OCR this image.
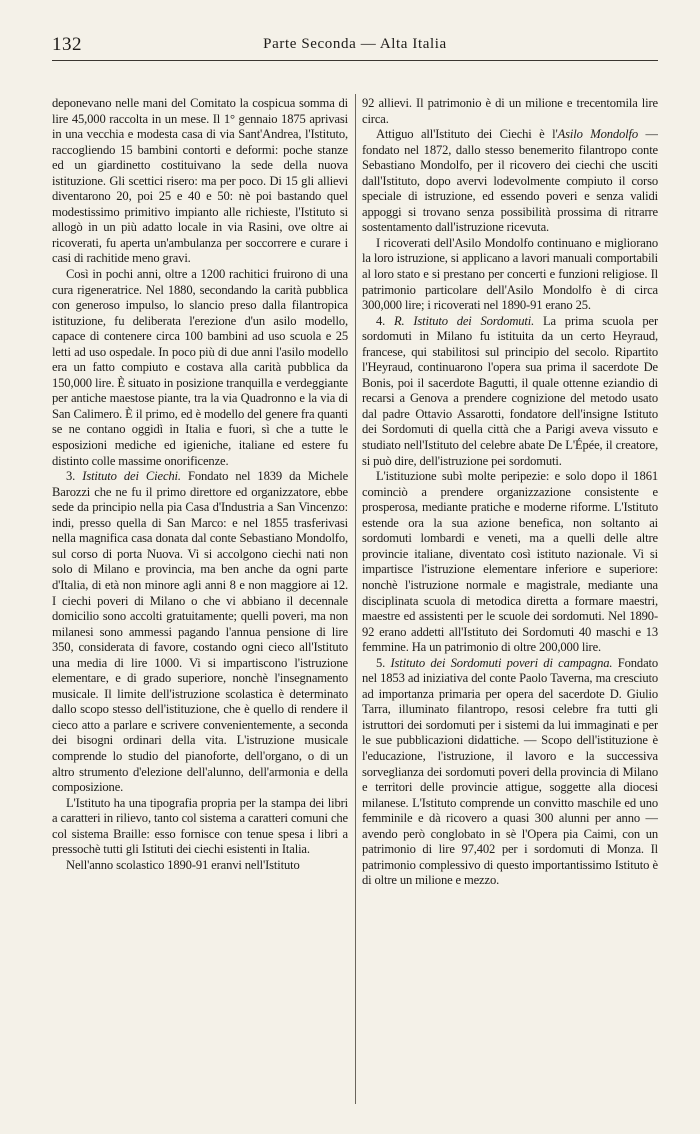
132	Parte Seconda — Alta Italia

deponevano nelle mani del Comitato la cospicua somma di lire 45,000 raccolta in un mese. Il 1° gennaio 1875 aprivasi in una vecchia e modesta casa di via Sant'Andrea, l'Istituto, raccogliendo 15 bambini contorti e deformi: poche stanze ed un giardinetto costituivano la sede della nuova istituzione. Gli scettici risero: ma per poco. Di 15 gli allievi diventarono 20, poi 25 e 40 e 50: nè poi bastando quel modestissimo primitivo impianto alle richieste, l'Istituto si allogò in un più adatto locale in via Rasini, ove oltre ai ricoverati, fu aperta un'ambulanza per soccorrere e curare i casi di rachitide meno gravi.

Così in pochi anni, oltre a 1200 rachitici fruirono di una cura rigeneratrice. Nel 1880, secondando la carità pubblica con generoso impulso, lo slancio preso dalla filantropica istituzione, fu deliberata l'erezione d'un asilo modello, capace di contenere circa 100 bambini ad uso scuola e 25 letti ad uso ospedale. In poco più di due anni l'asilo modello era un fatto compiuto e costava alla carità pubblica da 150,000 lire. È situato in posizione tranquilla e verdeggiante per antiche maestose piante, tra la via Quadronno e la via di San Calimero. È il primo, ed è modello del genere fra quanti se ne contano oggidì in Italia e fuori, sì che a tutte le esposizioni mediche ed igieniche, italiane ed estere fu distinto colle massime onorificenze.

3. Istituto dei Ciechi. Fondato nel 1839 da Michele Barozzi che ne fu il primo direttore ed organizzatore, ebbe sede da principio nella pia Casa d'Industria a San Vincenzo: indi, presso quella di San Marco: e nel 1855 trasferivasi nella magnifica casa donata dal conte Sebastiano Mondolfo, sul corso di porta Nuova. Vi si accolgono ciechi nati non solo di Milano e provincia, ma ben anche da ogni parte d'Italia, di età non minore agli anni 8 e non maggiore ai 12. I ciechi poveri di Milano o che vi abbiano il decennale domicilio sono accolti gratuitamente; quelli poveri, ma non milanesi sono ammessi pagando l'annua pensione di lire 350, considerata di favore, costando ogni cieco all'Istituto una media di lire 1000. Vi si impartiscono l'istruzione elementare, e di grado superiore, nonchè l'insegnamento musicale. Il limite dell'istruzione scolastica è determinato dallo scopo stesso dell'istituzione, che è quello di rendere il cieco atto a parlare e scrivere convenientemente, a seconda dei bisogni ordinari della vita. L'istruzione musicale comprende lo studio del pianoforte, dell'organo, o di un altro strumento d'elezione dell'alunno, dell'armonia e della composizione.

L'Istituto ha una tipografia propria per la stampa dei libri a caratteri in rilievo, tanto col sistema a caratteri comuni che col sistema Braille: esso fornisce con tenue spesa i libri a pressochè tutti gli Istituti dei ciechi esistenti in Italia.

Nell'anno scolastico 1890-91 eranvi nell'Istituto

92 allievi. Il patrimonio è di un milione e trecentomila lire circa.

Attiguo all'Istituto dei Ciechi è l'Asilo Mondolfo — fondato nel 1872, dallo stesso benemerito filantropo conte Sebastiano Mondolfo, per il ricovero dei ciechi che usciti dall'Istituto, dopo avervi lodevolmente compiuto il corso speciale di istruzione, ed essendo poveri e senza validi appoggi si trovano senza possibilità prossima di ritrarre sostentamento dall'istruzione ricevuta.

I ricoverati dell'Asilo Mondolfo continuano e migliorano la loro istruzione, si applicano a lavori manuali comportabili al loro stato e si prestano per concerti e funzioni religiose. Il patrimonio particolare dell'Asilo Mondolfo è di circa 300,000 lire; i ricoverati nel 1890-91 erano 25.

4. R. Istituto dei Sordomuti. La prima scuola per sordomuti in Milano fu istituita da un certo Heyraud, francese, qui stabilitosi sul principio del secolo. Ripartito l'Heyraud, continuarono l'opera sua prima il sacerdote De Bonis, poi il sacerdote Bagutti, il quale ottenne eziandio di recarsi a Genova a prendere cognizione del metodo usato dal padre Ottavio Assarotti, fondatore dell'insigne Istituto dei Sordomuti di quella città che a Parigi aveva vissuto e studiato nell'Istituto del celebre abate De L'Épée, il creatore, si può dire, dell'istruzione pei sordomuti.

L'istituzione subì molte peripezie: e solo dopo il 1861 cominciò a prendere organizzazione consistente e prosperosa, mediante pratiche e moderne riforme. L'Istituto estende ora la sua azione benefica, non soltanto ai sordomuti lombardi e veneti, ma a quelli delle altre provincie italiane, diventato così istituto nazionale. Vi si impartisce l'istruzione elementare inferiore e superiore: nonchè l'istruzione normale e magistrale, mediante una disciplinata scuola di metodica diretta a formare maestri, maestre ed assistenti per le scuole dei sordomuti. Nel 1890-92 erano addetti all'Istituto dei Sordomuti 40 maschi e 13 femmine. Ha un patrimonio di oltre 200,000 lire.

5. Istituto dei Sordomuti poveri di campagna. Fondato nel 1853 ad iniziativa del conte Paolo Taverna, ma cresciuto ad importanza primaria per opera del sacerdote D. Giulio Tarra, illuminato filantropo, resosi celebre fra tutti gli istruttori dei sordomuti per i sistemi da lui immaginati e per le sue pubblicazioni didattiche. — Scopo dell'istituzione è l'educazione, l'istruzione, il lavoro e la successiva sorveglianza dei sordomuti poveri della provincia di Milano e territori delle provincie attigue, soggette alla diocesi milanese. L'Istituto comprende un convitto maschile ed uno femminile e dà ricovero a quasi 300 alunni per anno — avendo però conglobato in sè l'Opera pia Caimi, con un patrimonio di lire 97,402 per i sordomuti di Monza. Il patrimonio complessivo di questo importantissimo Istituto è di oltre un milione e mezzo.
